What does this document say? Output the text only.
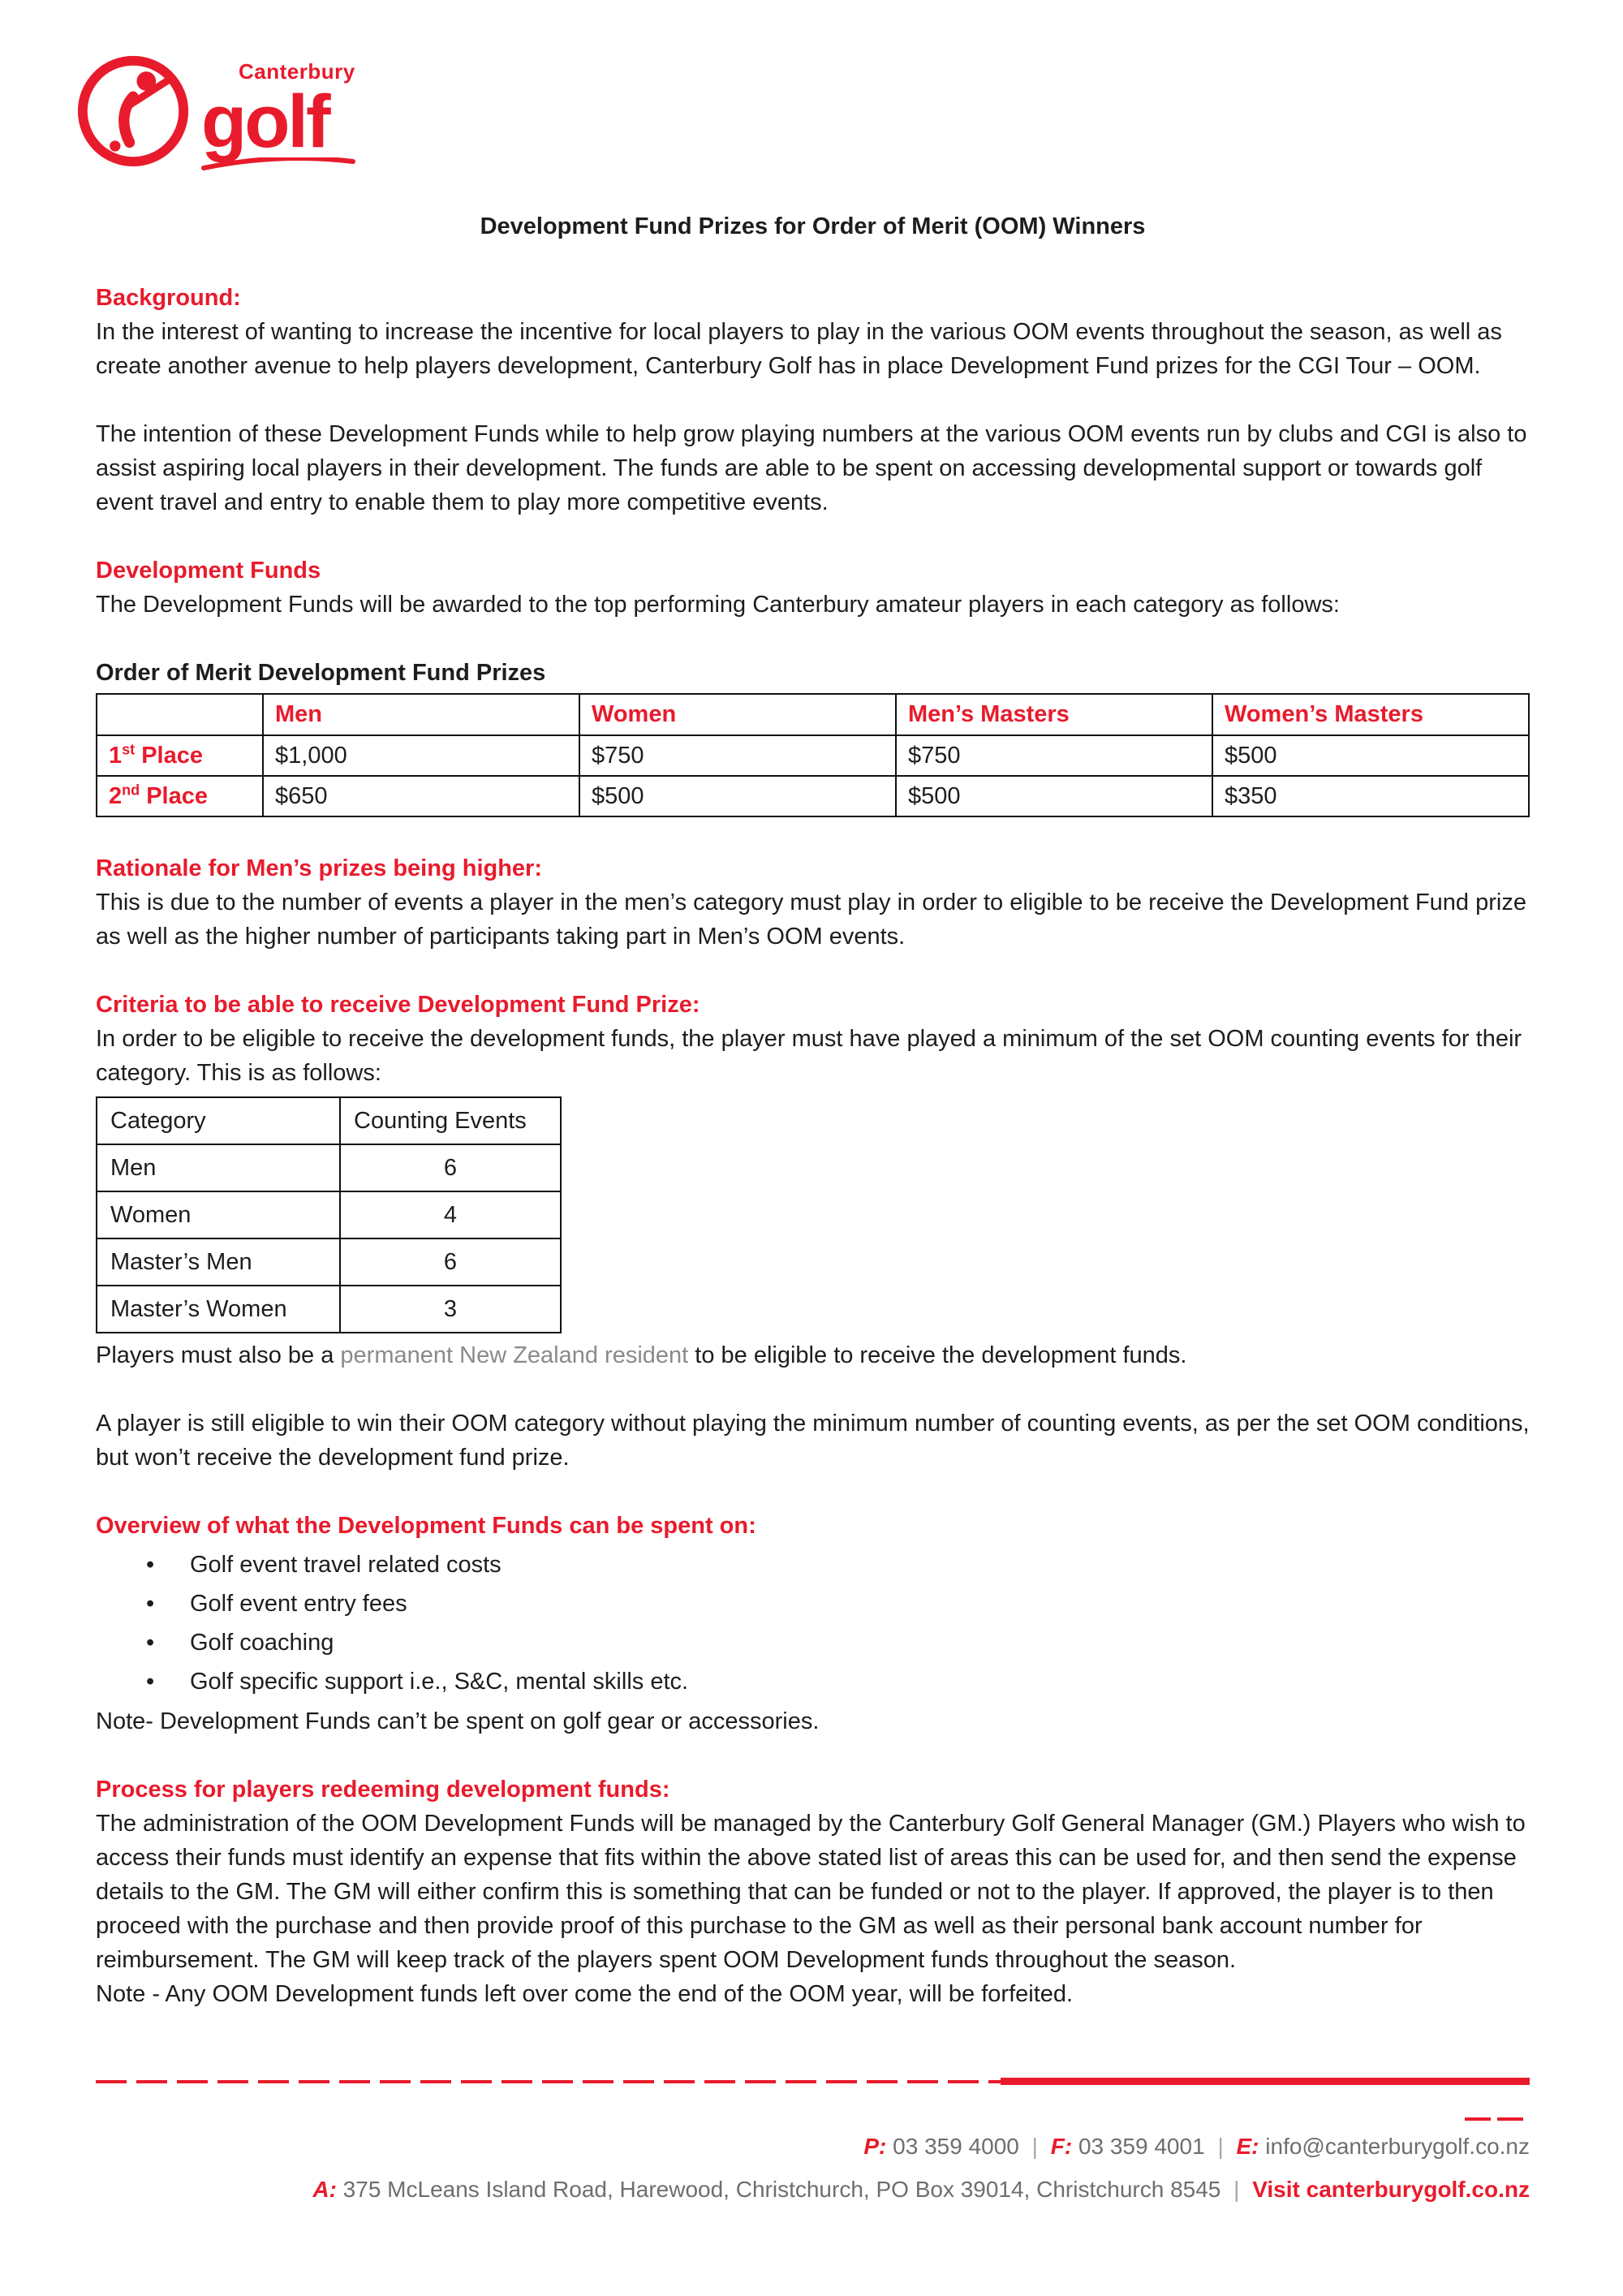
Canterbury
golf
Development Fund Prizes for Order of Merit (OOM) Winners
Background:

In the interest of wanting to increase the incentive for local players to play in the various OOM events throughout the season, as well as create another avenue to help players development, Canterbury Golf has in place Development Fund prizes for the CGI Tour – OOM.

The intention of these Development Funds while to help grow playing numbers at the various OOM events run by clubs and CGI is also to assist aspiring local players in their development. The funds are able to be spent on accessing developmental support or towards golf event travel and entry to enable them to play more competitive events.

Development Funds

The Development Funds will be awarded to the top performing Canterbury amateur players in each category as follows:

Order of Merit Development Fund Prizes
	Men	Women	Men’s Masters	Women’s Masters
1st Place	$1,000	$750	$750	$500
2nd Place	$650	$500	$500	$350
Rationale for Men’s prizes being higher:

This is due to the number of events a player in the men’s category must play in order to eligible to be receive the Development Fund prize as well as the higher number of participants taking part in Men’s OOM events.

Criteria to be able to receive Development Fund Prize:

In order to be eligible to receive the development funds, the player must have played a minimum of the set OOM counting events for their category. This is as follows:

Category	Counting Events
Men	6
Women	4
Master’s Men	6
Master’s Women	3

Players must also be a permanent New Zealand resident to be eligible to receive the development funds.

A player is still eligible to win their OOM category without playing the minimum number of counting events, as per the set OOM conditions, but won’t receive the development fund prize.

Overview of what the Development Funds can be spent on:
• Golf event travel related costs
• Golf event entry fees
• Golf coaching
• Golf specific support i.e., S&C, mental skills etc.

Note- Development Funds can’t be spent on golf gear or accessories.

Process for players redeeming development funds:

The administration of the OOM Development Funds will be managed by the Canterbury Golf General Manager (GM.) Players who wish to access their funds must identify an expense that fits within the above stated list of areas this can be used for, and then send the expense details to the GM. The GM will either confirm this is something that can be funded or not to the player. If approved, the player is to then proceed with the purchase and then provide proof of this purchase to the GM as well as their personal bank account number for reimbursement. The GM will keep track of the players spent OOM Development funds throughout the season.

Note - Any OOM Development funds left over come the end of the OOM year, will be forfeited.

P: 03 359 4000 | F: 03 359 4001 | E: info@canterburygolf.co.nz
A: 375 McLeans Island Road, Harewood, Christchurch, PO Box 39014, Christchurch 8545 | Visit canterburygolf.co.nz
